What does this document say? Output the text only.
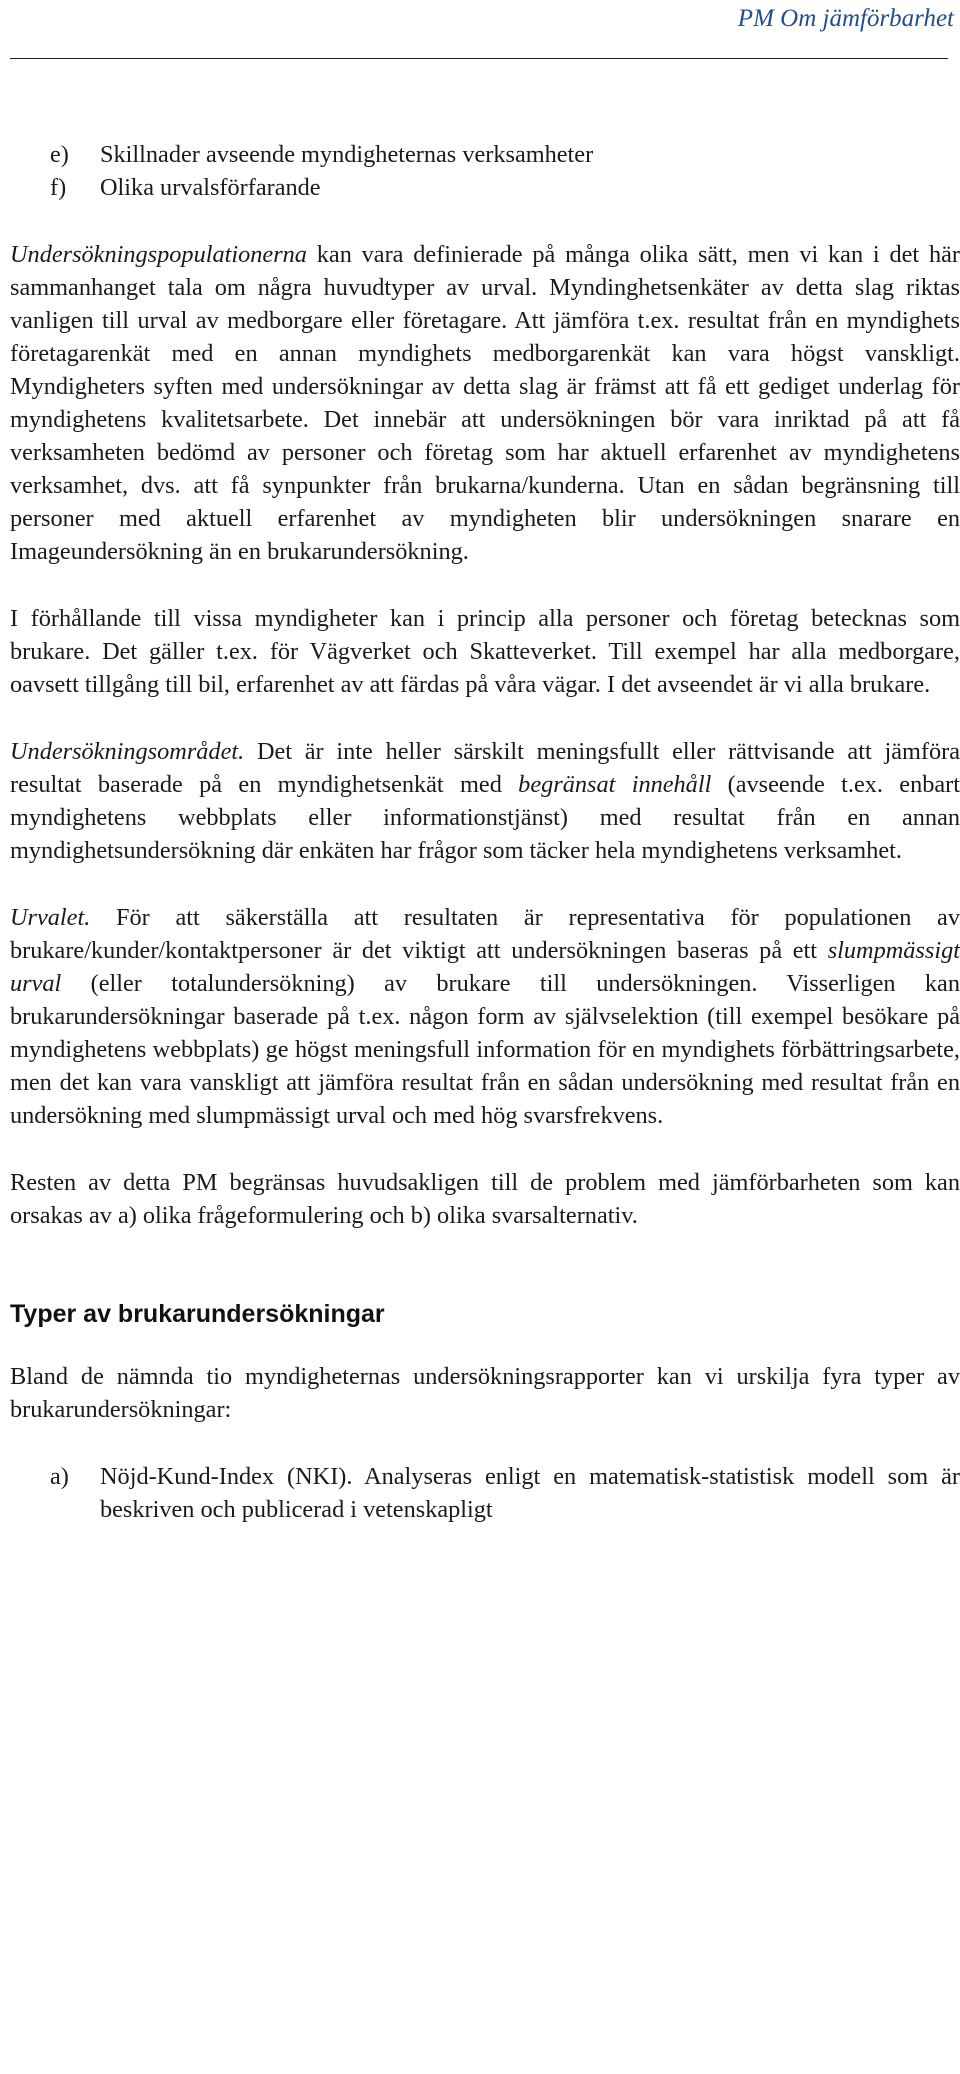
PM Om jämförbarhet
e)	Skillnader avseende myndigheternas verksamheter
f)	Olika urvalsförfarande

Undersökningspopulationerna kan vara definierade på många olika sätt, men vi kan i det här sammanhanget tala om några huvudtyper av urval. Myndinghetsenkäter av detta slag riktas vanligen till urval av medborgare eller företagare. Att jämföra t.ex. resultat från en myndighets företagarenkät med en annan myndighets medborgarenkät kan vara högst vanskligt. Myndigheters syften med undersökningar av detta slag är främst att få ett gediget underlag för myndighetens kvalitetsarbete. Det innebär att undersökningen bör vara inriktad på att få verksamheten bedömd av personer och företag som har aktuell erfarenhet av myndighetens verksamhet, dvs. att få synpunkter från brukarna/kunderna. Utan en sådan begränsning till personer med aktuell erfarenhet av myndigheten blir undersökningen snarare en Imageundersökning än en brukarundersökning.

I förhållande till vissa myndigheter kan i princip alla personer och företag betecknas som brukare. Det gäller t.ex. för Vägverket och Skatteverket. Till exempel har alla medborgare, oavsett tillgång till bil, erfarenhet av att färdas på våra vägar. I det avseendet är vi alla brukare.

Undersökningsområdet. Det är inte heller särskilt meningsfullt eller rättvisande att jämföra resultat baserade på en myndighetsenkät med begränsat innehåll (avseende t.ex. enbart myndighetens webbplats eller informationstjänst) med resultat från en annan myndighetsundersökning där enkäten har frågor som täcker hela myndighetens verksamhet.

Urvalet. För att säkerställa att resultaten är representativa för populationen av brukare/kunder/kontaktpersoner är det viktigt att undersökningen baseras på ett slumpmässigt urval (eller totalundersökning) av brukare till undersökningen. Visserligen kan brukarundersökningar baserade på t.ex. någon form av självselektion (till exempel besökare på myndighetens webbplats) ge högst meningsfull information för en myndighets förbättringsarbete, men det kan vara vanskligt att jämföra resultat från en sådan undersökning med resultat från en undersökning med slumpmässigt urval och med hög svarsfrekvens.

Resten av detta PM begränsas huvudsakligen till de problem med jämförbarheten som kan orsakas av a) olika frågeformulering och b) olika svarsalternativ.

Typer av brukarundersökningar

Bland de nämnda tio myndigheternas undersökningsrapporter kan vi urskilja fyra typer av brukarundersökningar:

a)	Nöjd-Kund-Index (NKI). Analyseras enligt en matematisk-statistisk modell som är beskriven och publicerad i vetenskapligt
